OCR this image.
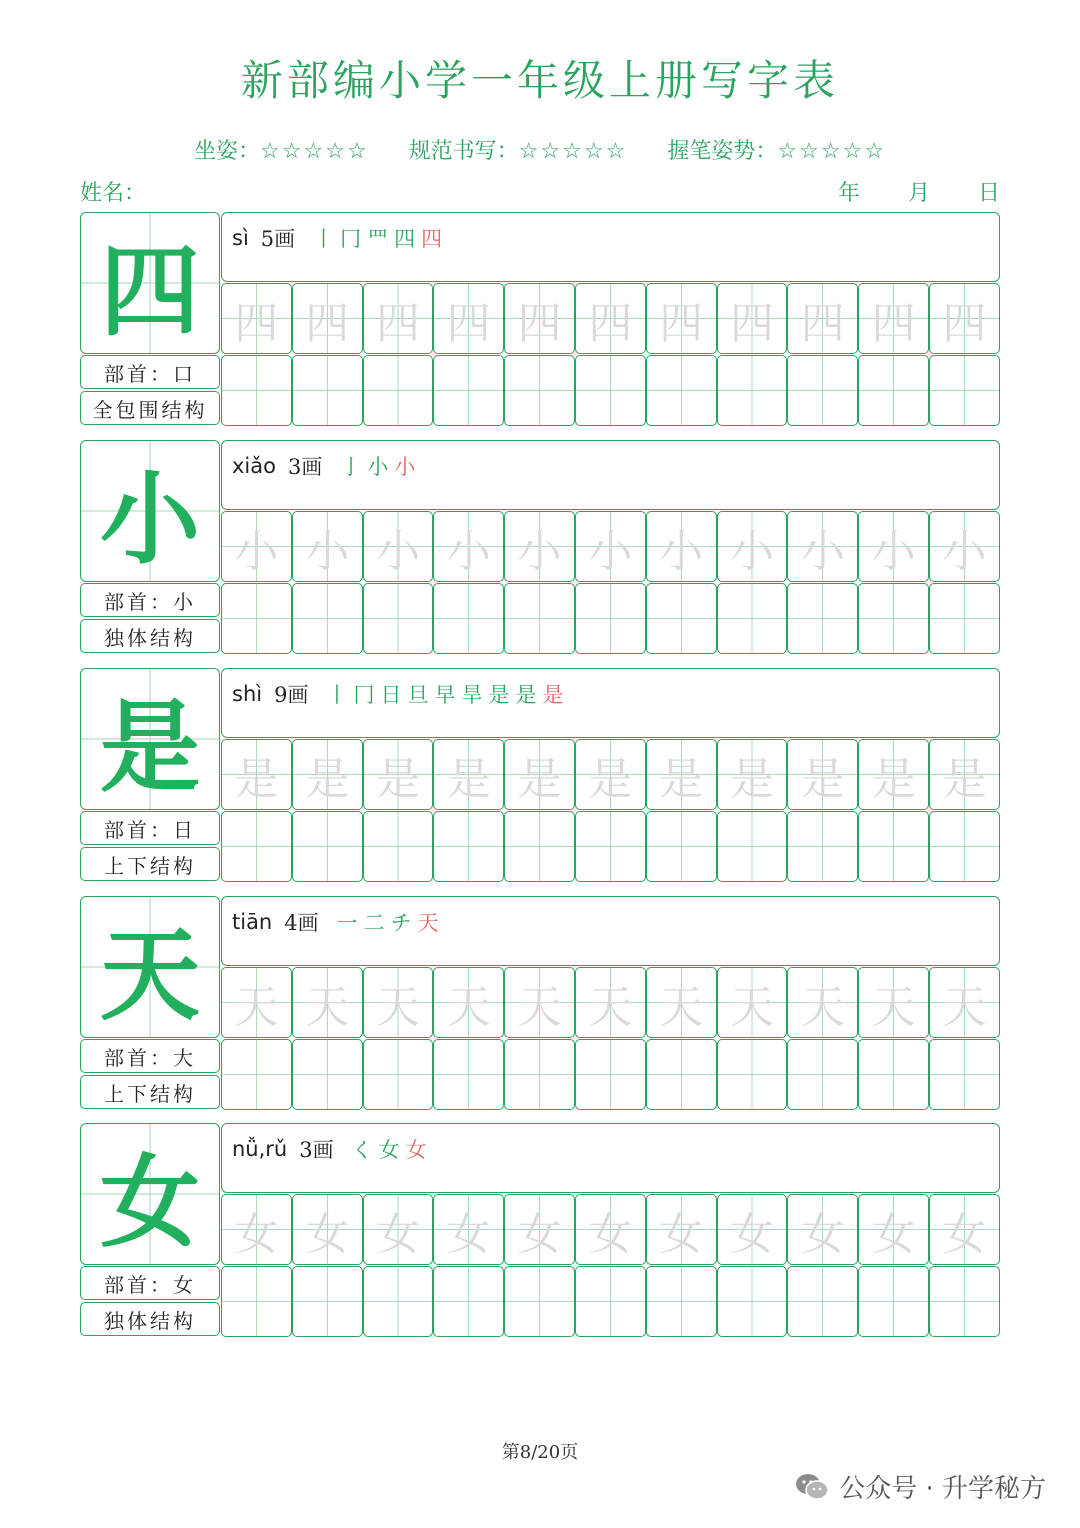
新部编小学一年级上册写字表
坐姿：☆☆☆☆☆ 规范书写：☆☆☆☆☆ 握笔姿势：☆☆☆☆☆
姓名：	年 月 日
四
部首：口
全包围结构
sì 5画 丨 冂 罒 四 四
四 四 四 四 四 四 四 四 四 四 四
小
部首：小
独体结构
xiǎo 3画 亅 小 小
小 小 小 小 小 小 小 小 小 小 小
是
部首：日
上下结构
shì 9画 丨 冂 日 旦 早 旱 是 是 是
是 是 是 是 是 是 是 是 是 是 是
天
部首：大
上下结构
tiān 4画 一 二 チ 天
天 天 天 天 天 天 天 天 天 天 天
女
部首：女
独体结构
nǚ,rǔ 3画 く 女 女
女 女 女 女 女 女 女 女 女 女 女
第8/20页
公众号 · 升学秘方
